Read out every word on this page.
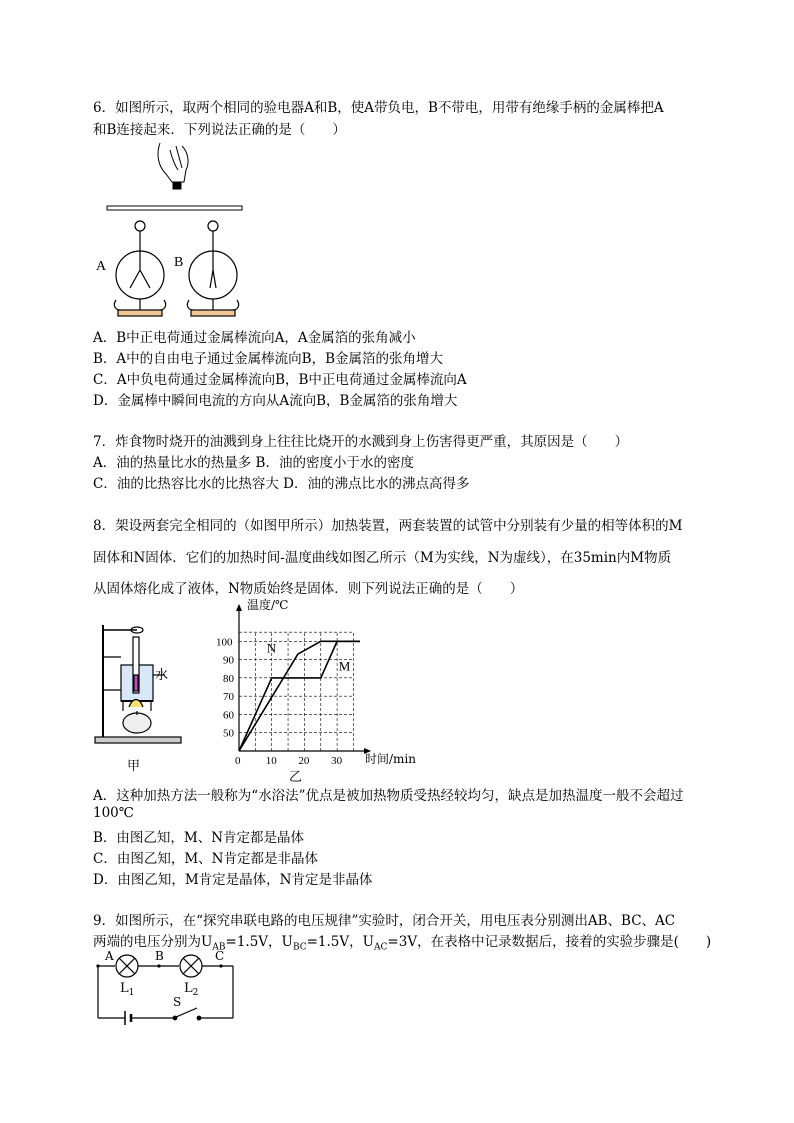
6．如图所示，取两个相同的验电器A和B，使A带负电，B不带电，用带有绝缘手柄的金属棒把A
和B连接起来．下列说法正确的是（　　）
A	B
A．B中正电荷通过金属棒流向A，A金属箔的张角减小
B．A中的自由电子通过金属棒流向B，B金属箔的张角增大
C．A中负电荷通过金属棒流向B，B中正电荷通过金属棒流向A
D．金属棒中瞬间电流的方向从A流向B，B金属箔的张角增大
7．炸食物时烧开的油溅到身上往往比烧开的水溅到身上伤害得更严重，其原因是（　　）
A．油的热量比水的热量多 B．油的密度小于水的密度
C．油的比热容比水的比热容大 D．油的沸点比水的沸点高得多
8．架设两套完全相同的（如图甲所示）加热装置，两套装置的试管中分别装有少量的相等体积的M
固体和N固体．它们的加热时间-温度曲线如图乙所示（M为实线，N为虚线），在35min内M物质
从固体熔化成了液体，N物质始终是固体．则下列说法正确的是（　　）
水
甲	0 10 20 30
50
60
70
80
90
100	N
M
温度/℃
时间/min
乙
A．这种加热方法一般称为“水浴法”优点是被加热物质受热经较均匀，缺点是加热温度一般不会超过
100℃
B．由图乙知，M、N肯定都是晶体
C．由图乙知，M、N肯定都是非晶体
D．由图乙知，M肯定是晶体，N肯定是非晶体
9．如图所示，在“探究串联电路的电压规律”实验时，闭合开关，用电压表分别测出AB、BC、AC
两端的电压分别为$U_{AB}=1.5V$，$U_{BC}=1.5V$，$U_{AC}=3V$，在表格中记录数据后，接着的实验步骤是(　　)
A	B	C
$L_1$	$L_2$
S
